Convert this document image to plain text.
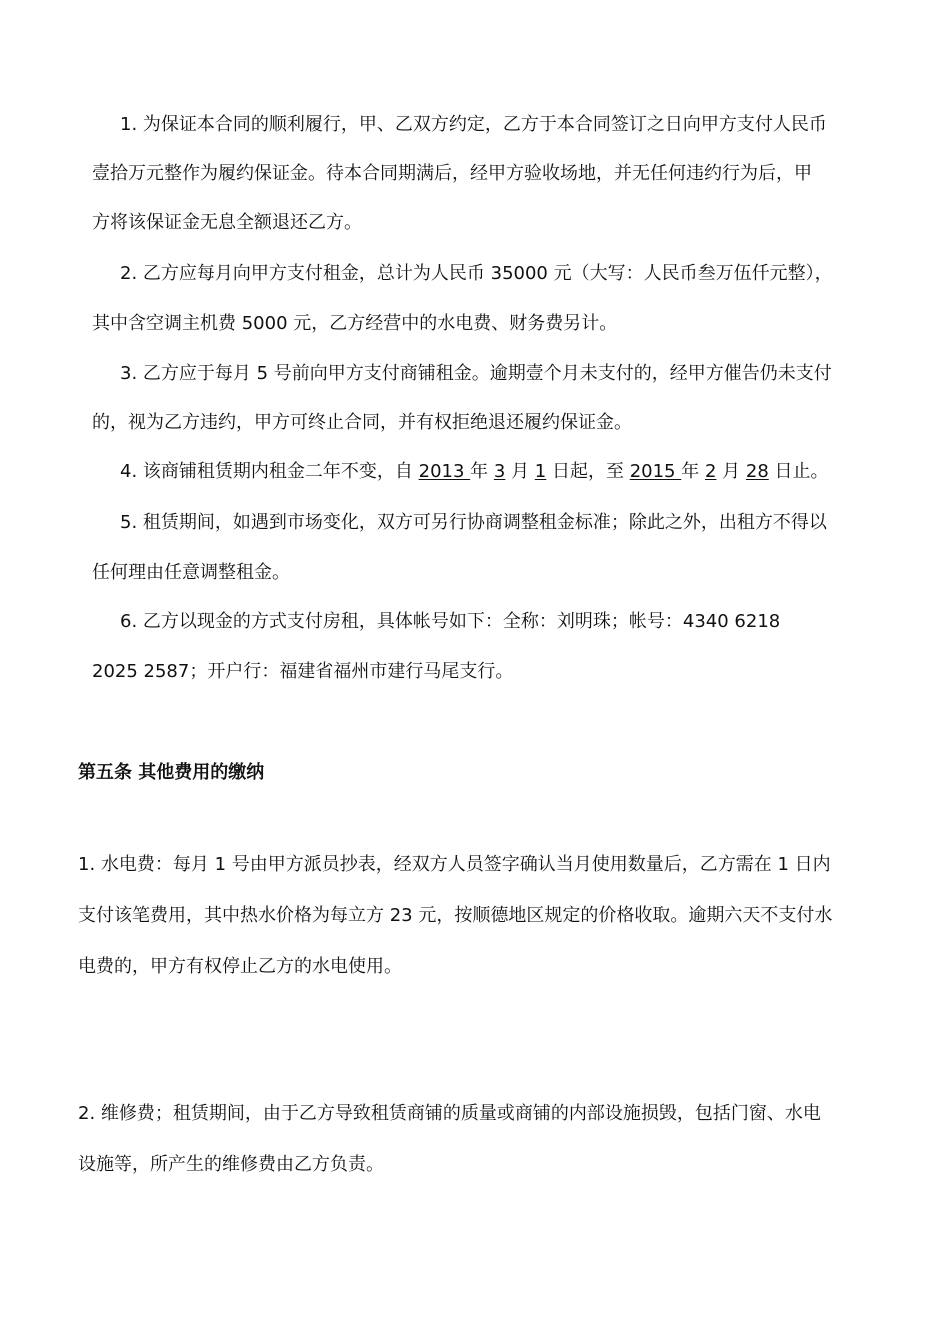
1. 为保证本合同的顺利履行，甲、乙双方约定，乙方于本合同签订之日向甲方支付人民币
壹拾万元整作为履约保证金。待本合同期满后，经甲方验收场地，并无任何违约行为后，甲
方将该保证金无息全额退还乙方。
2. 乙方应每月向甲方支付租金，总计为人民币 35000 元（大写：人民币叁万伍仟元整），
其中含空调主机费 5000 元，乙方经营中的水电费、财务费另计。
3. 乙方应于每月 5 号前向甲方支付商铺租金。逾期壹个月未支付的，经甲方催告仍未支付
的，视为乙方违约，甲方可终止合同，并有权拒绝退还履约保证金。
4. 该商铺租赁期内租金二年不变，自 2013 年 3 月 1 日起，至 2015 年 2 月 28 日止。
5. 租赁期间，如遇到市场变化，双方可另行协商调整租金标准；除此之外，出租方不得以
任何理由任意调整租金。
6. 乙方以现金的方式支付房租，具体帐号如下：全称：刘明珠；帐号：4340 6218
2025 2587；开户行：福建省福州市建行马尾支行。
第五条 其他费用的缴纳
1. 水电费：每月 1 号由甲方派员抄表，经双方人员签字确认当月使用数量后，乙方需在 1 日内
支付该笔费用，其中热水价格为每立方 23 元，按顺德地区规定的价格收取。逾期六天不支付水
电费的，甲方有权停止乙方的水电使用。
2. 维修费；租赁期间，由于乙方导致租赁商铺的质量或商铺的内部设施损毁，包括门窗、水电
设施等，所产生的维修费由乙方负责。
